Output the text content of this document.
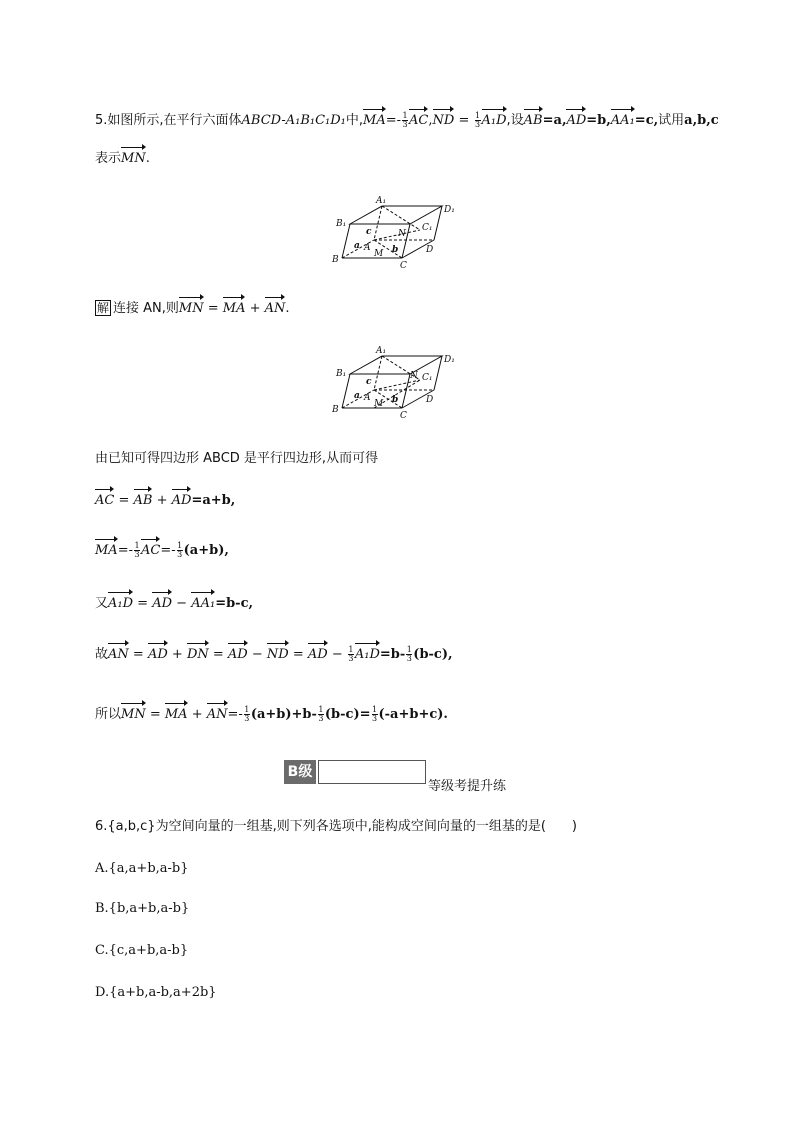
5.如图所示,在平行六面体ABCD-A₁B₁C₁D₁中$,MA=- \frac{1}{3} AC,ND = \frac{1}{3} A_1D$,设AB=a,AD=b,AA₁=c,试用a,b,c
表示MN.
A₁
B₁
D₁
C₁
B
C
D
A
M
N
a	b
c
解 连接 AN,则MN = MA + AN.
A₁
B₁
D₁
C₁
B
C
D
A
M
N
a	b
c
由已知可得四边形 ABCD 是平行四边形,从而可得
AC = AB + AD=a+b,
$MA=- \frac{1}{3} AC=- \frac{1}{3} (a+b)$,
又A₁D = AD − AA₁=b-c,
故AN = AD + DN = AD − ND = AD − $\frac{1}{3} A_1D=b- \frac{1}{3} (b-c)$,
所以MN = MA + $AN=- \frac{1}{3} (a+b)+b- \frac{1}{3} (b-c)= \frac{1}{3} (-a+b+c)$.
B级
等级考提升练
6.{a,b,c}为空间向量的一组基,则下列各选项中,能构成空间向量的一组基的是(　　)
A.{a,a+b,a-b}
B.{b,a+b,a-b}
C.{c,a+b,a-b}
D.{a+b,a-b,a+2b}
